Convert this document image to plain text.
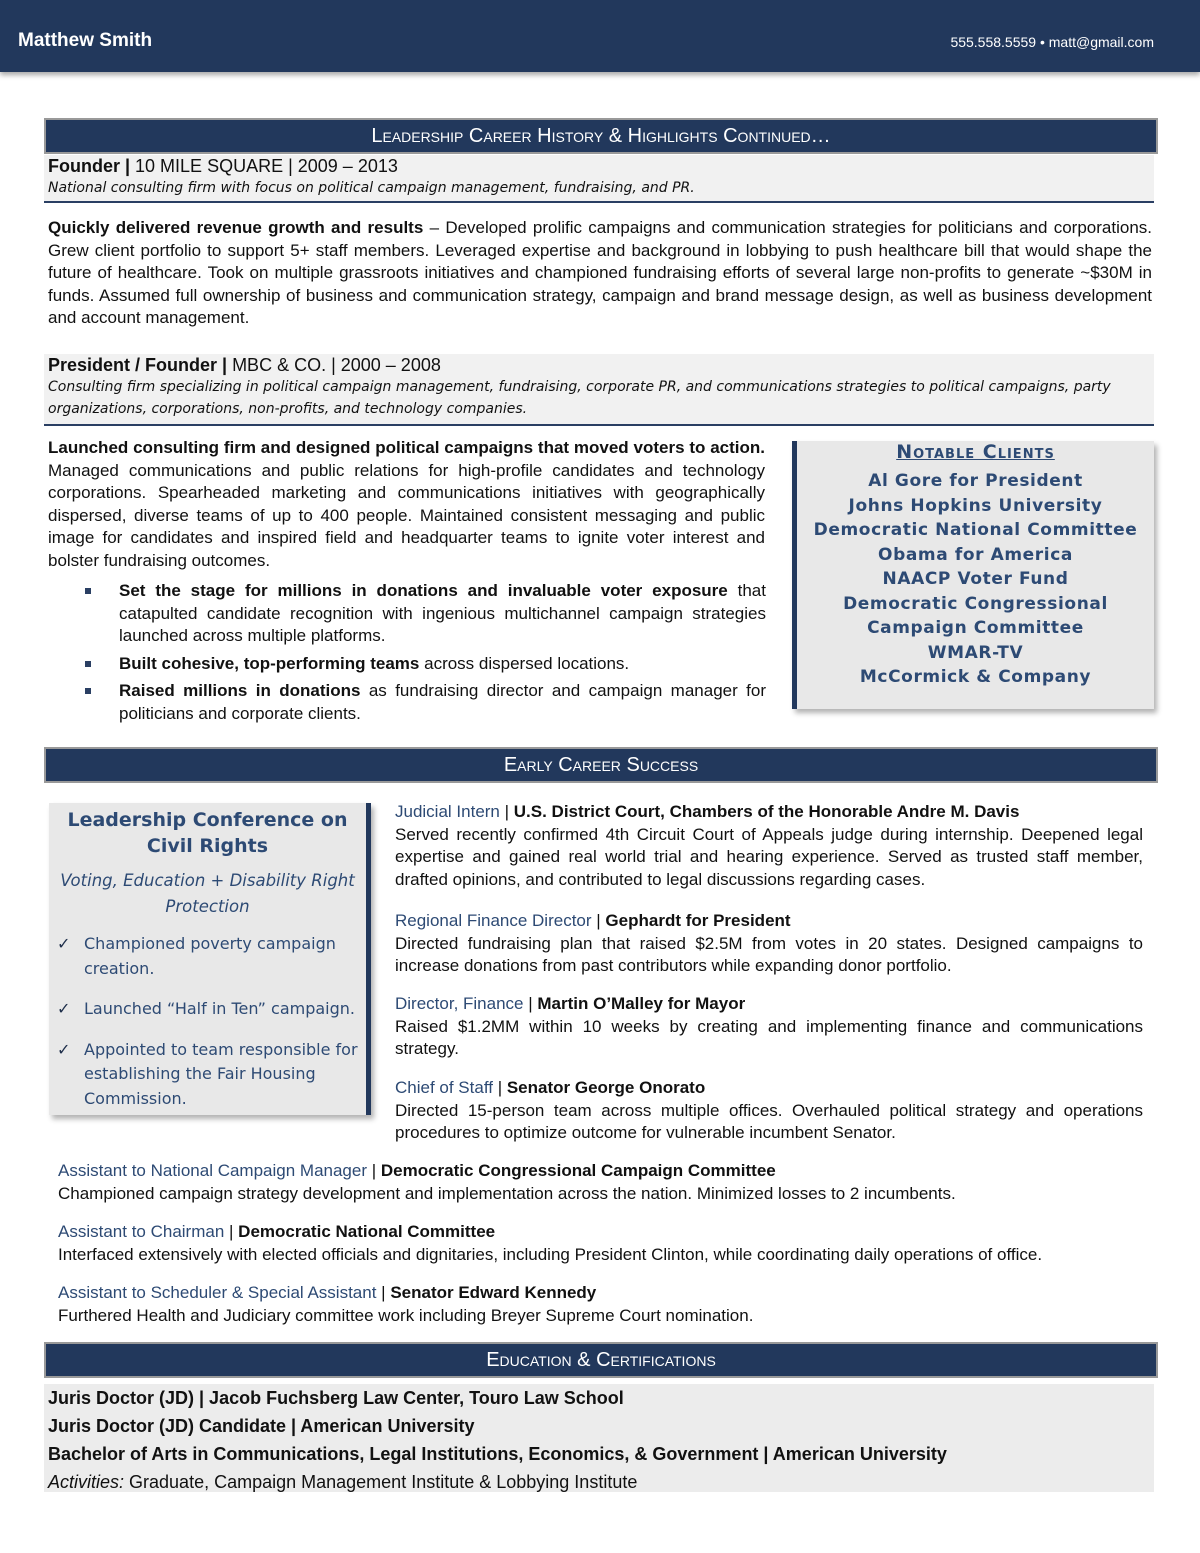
Matthew Smith	555.558.5559 • matt@gmail.com
Leadership Career History & Highlights Continued…
Founder | 10 MILE SQUARE | 2009 – 2013
National consulting firm with focus on political campaign management, fundraising, and PR.
Quickly delivered revenue growth and results – Developed prolific campaigns and communication strategies for politicians and corporations. Grew client portfolio to support 5+ staff members. Leveraged expertise and background in lobbying to push healthcare bill that would shape the future of healthcare. Took on multiple grassroots initiatives and championed fundraising efforts of several large non-profits to generate ~$30M in funds. Assumed full ownership of business and communication strategy, campaign and brand message design, as well as business development and account management.
President / Founder | MBC & CO. | 2000 – 2008
Consulting firm specializing in political campaign management, fundraising, corporate PR, and communications strategies to political campaigns, party organizations, corporations, non-profits, and technology companies.
Launched consulting firm and designed political campaigns that moved voters to action. Managed communications and public relations for high-profile candidates and technology corporations. Spearheaded marketing and communications initiatives with geographically dispersed, diverse teams of up to 400 people. Maintained consistent messaging and public image for candidates and inspired field and headquarter teams to ignite voter interest and bolster fundraising outcomes.
Set the stage for millions in donations and invaluable voter exposure that catapulted candidate recognition with ingenious multichannel campaign strategies launched across multiple platforms.
Built cohesive, top-performing teams across dispersed locations.
Raised millions in donations as fundraising director and campaign manager for politicians and corporate clients.
Notable Clients
Al Gore for President
Johns Hopkins University
Democratic National Committee
Obama for America
NAACP Voter Fund
Democratic Congressional
Campaign Committee
WMAR-TV
McCormick & Company
Early Career Success
Leadership Conference on Civil Rights
Voting, Education + Disability Right Protection
✓ Championed poverty campaign creation.
✓ Launched “Half in Ten” campaign.
✓ Appointed to team responsible for establishing the Fair Housing Commission.
Judicial Intern | U.S. District Court, Chambers of the Honorable Andre M. Davis
Served recently confirmed 4th Circuit Court of Appeals judge during internship. Deepened legal expertise and gained real world trial and hearing experience. Served as trusted staff member, drafted opinions, and contributed to legal discussions regarding cases.
Regional Finance Director | Gephardt for President
Directed fundraising plan that raised $2.5M from votes in 20 states. Designed campaigns to increase donations from past contributors while expanding donor portfolio.
Director, Finance | Martin O’Malley for Mayor
Raised $1.2MM within 10 weeks by creating and implementing finance and communications strategy.
Chief of Staff | Senator George Onorato
Directed 15-person team across multiple offices. Overhauled political strategy and operations procedures to optimize outcome for vulnerable incumbent Senator.
Assistant to National Campaign Manager | Democratic Congressional Campaign Committee
Championed campaign strategy development and implementation across the nation. Minimized losses to 2 incumbents.
Assistant to Chairman | Democratic National Committee
Interfaced extensively with elected officials and dignitaries, including President Clinton, while coordinating daily operations of office.
Assistant to Scheduler & Special Assistant | Senator Edward Kennedy
Furthered Health and Judiciary committee work including Breyer Supreme Court nomination.
Education & Certifications
Juris Doctor (JD) | Jacob Fuchsberg Law Center, Touro Law School
Juris Doctor (JD) Candidate | American University
Bachelor of Arts in Communications, Legal Institutions, Economics, & Government | American University
Activities: Graduate, Campaign Management Institute & Lobbying Institute
